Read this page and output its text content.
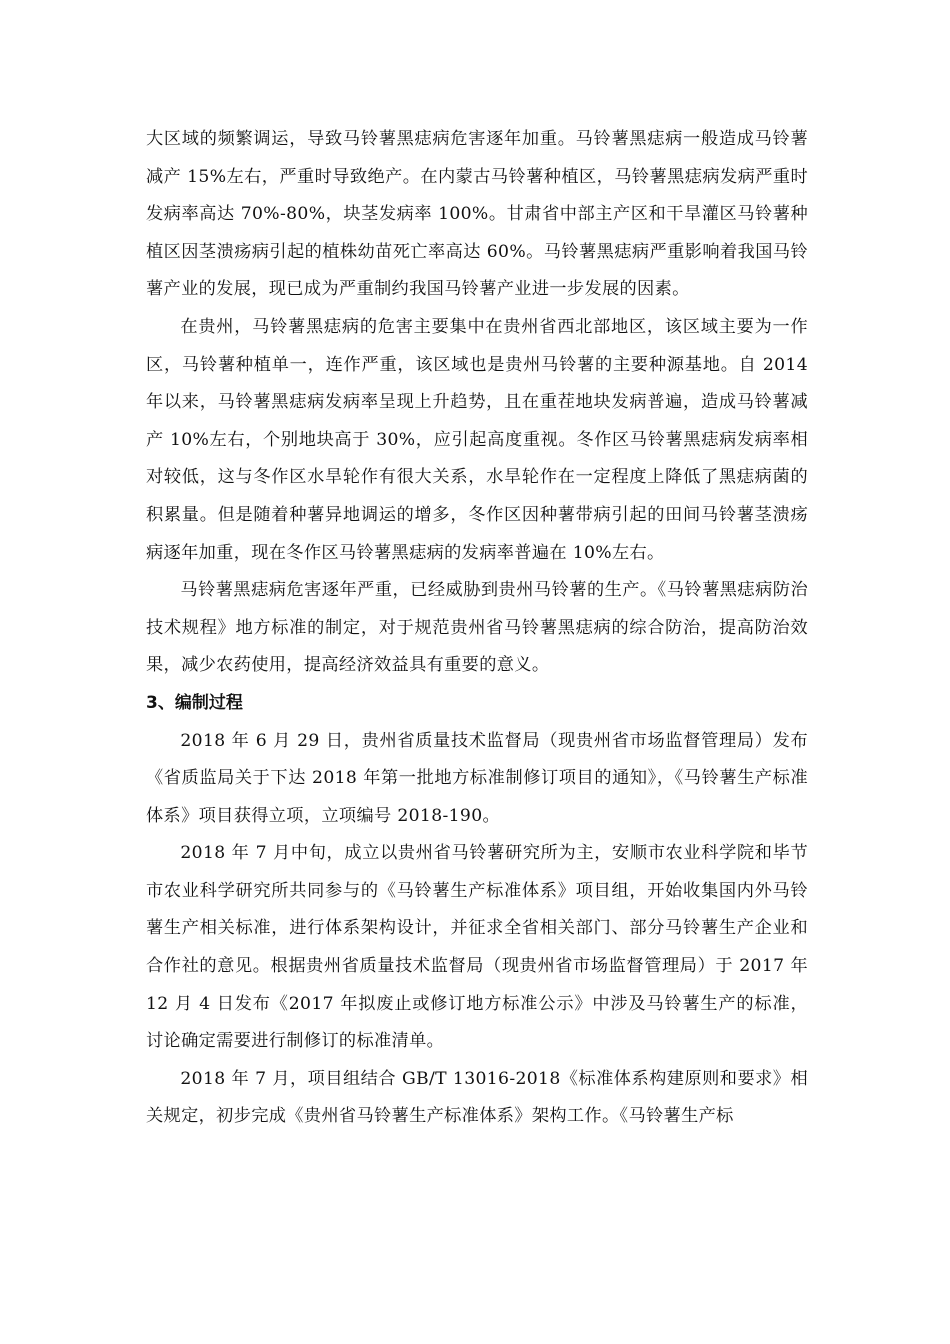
大区域的频繁调运，导致马铃薯黑痣病危害逐年加重。马铃薯黑痣病一般造成马铃薯减产 15%左右，严重时导致绝产。在内蒙古马铃薯种植区，马铃薯黑痣病发病严重时发病率高达 70%-80%，块茎发病率 100%。甘肃省中部主产区和干旱灌区马铃薯种植区因茎溃疡病引起的植株幼苗死亡率高达 60%。马铃薯黑痣病严重影响着我国马铃薯产业的发展，现已成为严重制约我国马铃薯产业进一步发展的因素。

在贵州，马铃薯黑痣病的危害主要集中在贵州省西北部地区，该区域主要为一作区，马铃薯种植单一，连作严重，该区域也是贵州马铃薯的主要种源基地。自 2014 年以来，马铃薯黑痣病发病率呈现上升趋势，且在重茬地块发病普遍，造成马铃薯减产 10%左右，个别地块高于 30%，应引起高度重视。冬作区马铃薯黑痣病发病率相对较低，这与冬作区水旱轮作有很大关系，水旱轮作在一定程度上降低了黑痣病菌的积累量。但是随着种薯异地调运的增多，冬作区因种薯带病引起的田间马铃薯茎溃疡病逐年加重，现在冬作区马铃薯黑痣病的发病率普遍在 10%左右。

马铃薯黑痣病危害逐年严重，已经威胁到贵州马铃薯的生产。《马铃薯黑痣病防治技术规程》地方标准的制定，对于规范贵州省马铃薯黑痣病的综合防治，提高防治效果，减少农药使用，提高经济效益具有重要的意义。

3、编制过程

2018 年 6 月 29 日，贵州省质量技术监督局（现贵州省市场监督管理局）发布《省质监局关于下达 2018 年第一批地方标准制修订项目的通知》，《马铃薯生产标准体系》项目获得立项，立项编号 2018-190。

2018 年 7 月中旬，成立以贵州省马铃薯研究所为主，安顺市农业科学院和毕节市农业科学研究所共同参与的《马铃薯生产标准体系》项目组，开始收集国内外马铃薯生产相关标准，进行体系架构设计，并征求全省相关部门、部分马铃薯生产企业和合作社的意见。根据贵州省质量技术监督局（现贵州省市场监督管理局）于 2017 年 12 月 4 日发布《2017 年拟废止或修订地方标准公示》中涉及马铃薯生产的标准，讨论确定需要进行制修订的标准清单。

2018 年 7 月，项目组结合 GB/T 13016-2018《标准体系构建原则和要求》相关规定，初步完成《贵州省马铃薯生产标准体系》架构工作。《马铃薯生产标
